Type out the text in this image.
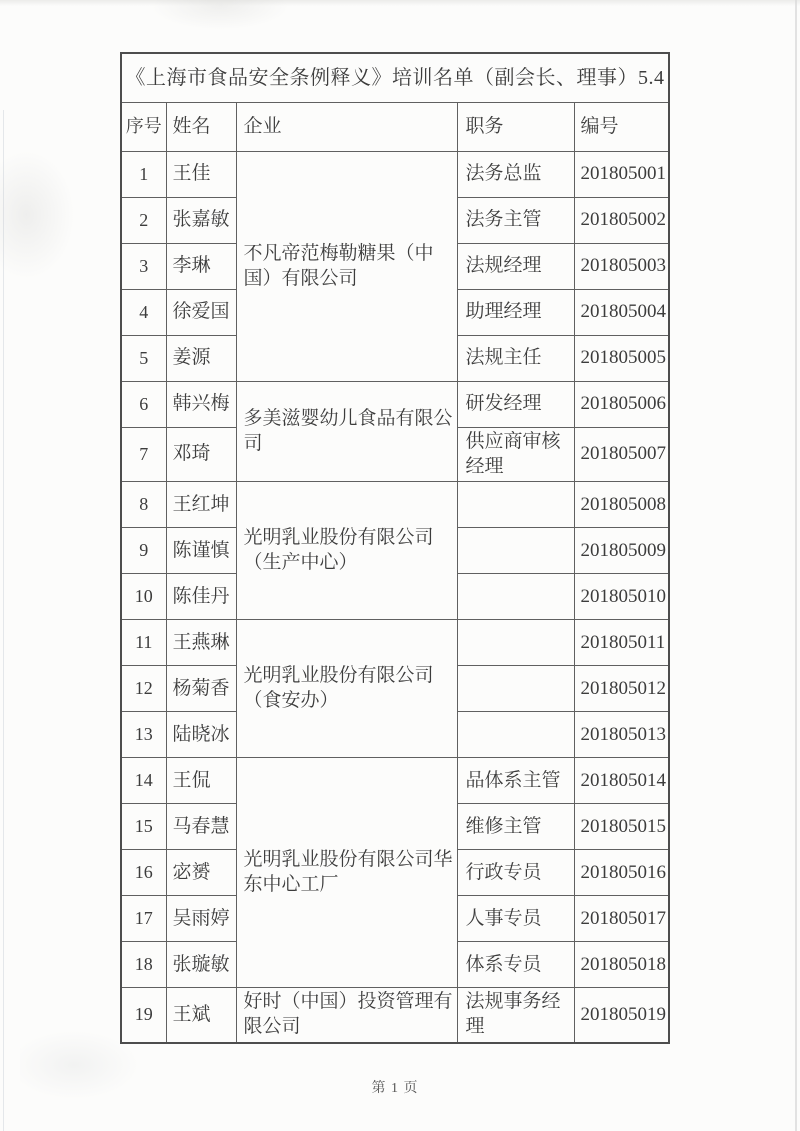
《上海市食品安全条例释义》培训名单（副会长、理事）5.4				
序号	姓名	企业	职务	编号
1	王佳	不凡帝范梅勒糖果（中国）有限公司	法务总监	201805001
2	张嘉敏		法务主管	201805002
3	李琳		法规经理	201805003
4	徐爱国		助理经理	201805004
5	姜源		法规主任	201805005
6	韩兴梅	多美滋婴幼儿食品有限公司	研发经理	201805006
7	邓琦		供应商审核经理	201805007
8	王红坤	光明乳业股份有限公司（生产中心）		201805008
9	陈谨慎			201805009
10	陈佳丹			201805010
11	王燕琳	光明乳业股份有限公司（食安办）		201805011
12	杨菊香			201805012
13	陆晓冰			201805013
14	王侃	光明乳业股份有限公司华东中心工厂	品体系主管	201805014
15	马春慧		维修主管	201805015
16	宓赟		行政专员	201805016
17	吴雨婷		人事专员	201805017
18	张璇敏		体系专员	201805018
19	王斌	好时（中国）投资管理有限公司	法规事务经理	201805019
第 1 页
